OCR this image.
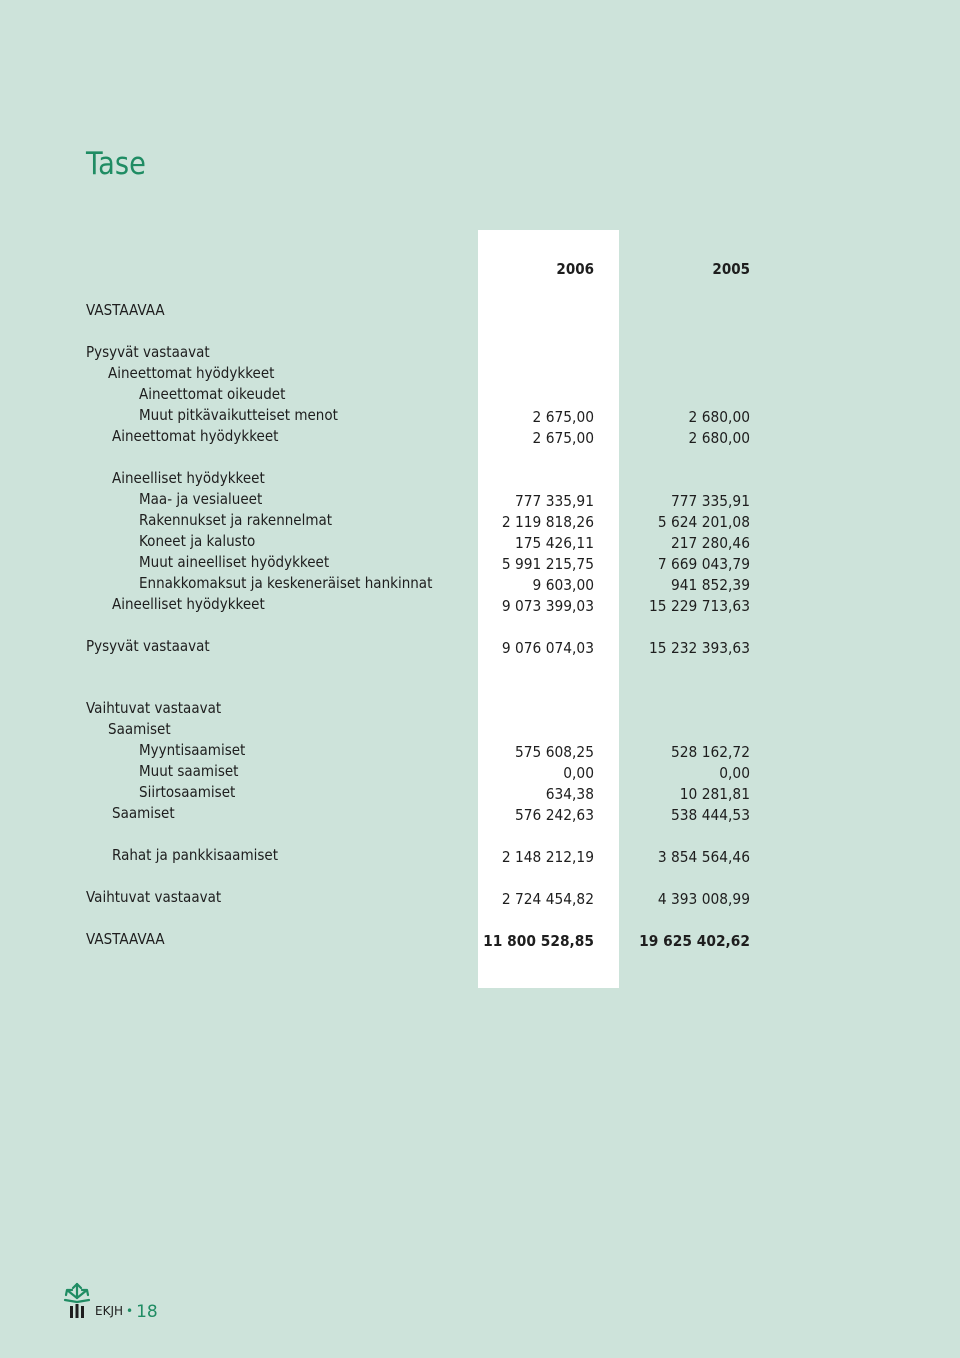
Tase
2006	2005
VASTAAVAA
Pysyvät vastaavat
Aineettomat hyödykkeet
Aineettomat oikeudet
Muut pitkävaikutteiset menot	2 675,00	2 680,00
Aineettomat hyödykkeet	2 675,00	2 680,00
Aineelliset hyödykkeet
Maa- ja vesialueet	777 335,91	777 335,91
Rakennukset ja rakennelmat	2 119 818,26	5 624 201,08
Koneet ja kalusto	175 426,11	217 280,46
Muut aineelliset hyödykkeet	5 991 215,75	7 669 043,79
Ennakkomaksut ja keskeneräiset hankinnat	9 603,00	941 852,39
Aineelliset hyödykkeet	9 073 399,03	15 229 713,63
Pysyvät vastaavat	9 076 074,03	15 232 393,63
Vaihtuvat vastaavat
Saamiset
Myyntisaamiset	575 608,25	528 162,72
Muut saamiset	0,00	0,00
Siirtosaamiset	634,38	10 281,81
Saamiset	576 242,63	538 444,53
Rahat ja pankkisaamiset	2 148 212,19	3 854 564,46
Vaihtuvat vastaavat	2 724 454,82	4 393 008,99
VASTAAVAA	11 800 528,85	19 625 402,62
EKJH • 18
